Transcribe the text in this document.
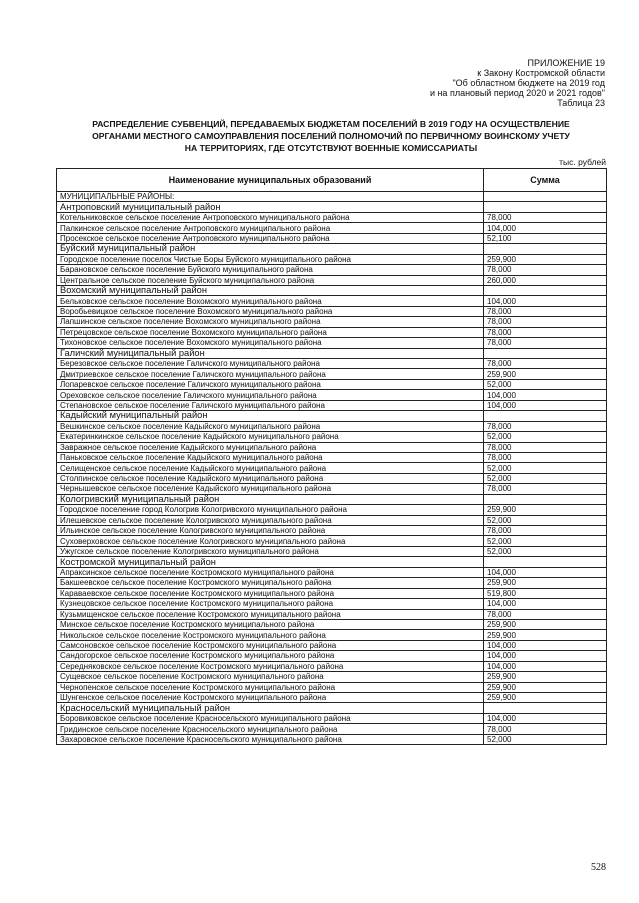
ПРИЛОЖЕНИЕ 19
к Закону Костромской области
"Об областном бюджете на 2019 год
и на плановый период 2020 и 2021 годов"
Таблица 23
РАСПРЕДЕЛЕНИЕ СУБВЕНЦИЙ, ПЕРЕДАВАЕМЫХ БЮДЖЕТАМ ПОСЕЛЕНИЙ В 2019 ГОДУ НА ОСУЩЕСТВЛЕНИЕ
ОРГАНАМИ МЕСТНОГО САМОУПРАВЛЕНИЯ ПОСЕЛЕНИЙ ПОЛНОМОЧИЙ ПО ПЕРВИЧНОМУ ВОИНСКОМУ УЧЕТУ
НА ТЕРРИТОРИЯХ, ГДЕ ОТСУТСТВУЮТ ВОЕННЫЕ КОМИССАРИАТЫ
тыс. рублей
Наименование муниципальных образований	Сумма
МУНИЦИПАЛЬНЫЕ РАЙОНЫ:	
Антроповский муниципальный район	
Котельниковское сельское поселение Антроповского муниципального района	78,000
Палкинское сельское поселение Антроповского муниципального района	104,000
Просекское сельское поселение Антроповского муниципального района	52,100
Буйский муниципальный район	
Городское поселение поселок Чистые Боры Буйского муниципального района	259,900
Барановское сельское поселение Буйского муниципального района	78,000
Центральное сельское поселение Буйского муниципального района	260,000
Вохомский муниципальный район	
Бельковское сельское поселение Вохомского муниципального района	104,000
Воробьевицкое сельское поселение Вохомского муниципального района	78,000
Лапшинское сельское поселение Вохомского муниципального района	78,000
Петрецовское сельское поселение Вохомского муниципального района	78,000
Тихоновское сельское поселение Вохомского муниципального района	78,000
Галичский муниципальный район	
Березовское сельское поселение Галичского муниципального района	78,000
Дмитриевское сельское поселение Галичского муниципального района	259,900
Лопаревское сельское поселение Галичского муниципального района	52,000
Ореховское сельское поселение Галичского муниципального района	104,000
Степановское сельское поселение Галичского муниципального района	104,000
Кадыйский муниципальный район	
Вешкинское сельское поселение Кадыйского муниципального района	78,000
Екатеринкинское сельское поселение Кадыйского муниципального района	52,000
Завражное сельское поселение Кадыйского муниципального района	78,000
Паньковское сельское поселение Кадыйского муниципального района	78,000
Селищенское сельское поселение Кадыйского муниципального района	52,000
Столпинское сельское поселение Кадыйского муниципального района	52,000
Чернышевское сельское поселение Кадыйского муниципального района	78,000
Кологривский муниципальный район	
Городское поселение город Кологрив Кологривского муниципального района	259,900
Илешевское сельское поселение Кологривского муниципального района	52,000
Ильинское сельское поселение Кологривского муниципального района	78,000
Суховерховское сельское поселение Кологривского муниципального района	52,000
Ужугское сельское поселение Кологривского муниципального района	52,000
Костромской муниципальный район	
Апраксинское сельское поселение Костромского муниципального района	104,000
Бакшеевское сельское поселение Костромского муниципального района	259,900
Караваевское сельское поселение Костромского муниципального района	519,800
Кузнецовское сельское поселение Костромского муниципального района	104,000
Кузьмищенское сельское поселение Костромского муниципального района	78,000
Минское сельское поселение Костромского муниципального района	259,900
Никольское сельское поселение Костромского муниципального района	259,900
Самсоновское сельское поселение Костромского муниципального района	104,000
Сандогорское сельское поселение Костромского муниципального района	104,000
Середняковское сельское поселение Костромского муниципального района	104,000
Сущевское сельское поселение Костромского муниципального района	259,900
Чернопенское сельское поселение Костромского муниципального района	259,900
Шунгенское сельское поселение Костромского муниципального района	259,900
Красносельский муниципальный район	
Боровиковское сельское поселение Красносельского муниципального района	104,000
Гридинское сельское поселение Красносельского муниципального района	78,000
Захаровское сельское поселение Красносельского муниципального района	52,000
528
